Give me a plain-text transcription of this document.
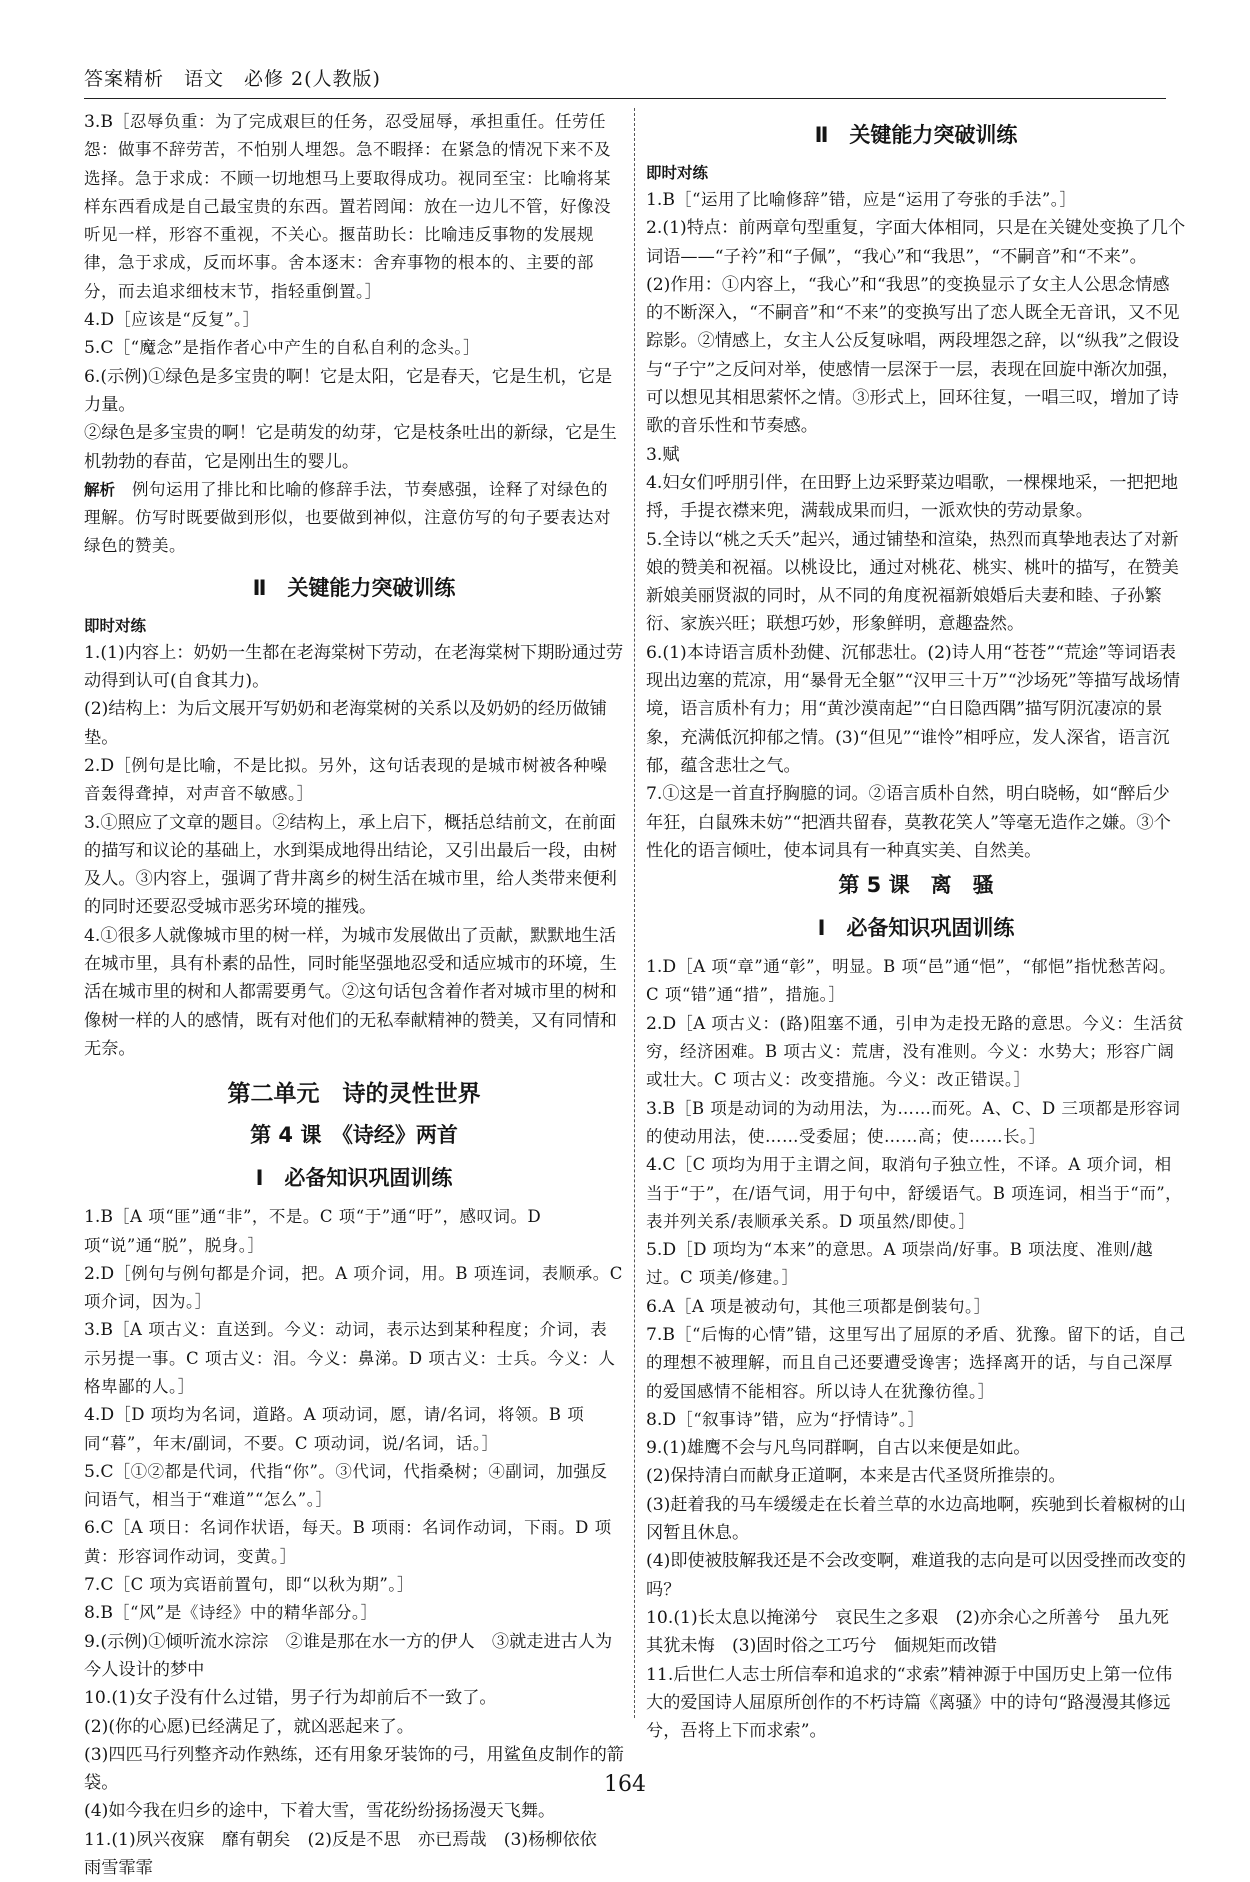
答案精析　语文　必修 2(人教版)

3.B［忍辱负重：为了完成艰巨的任务，忍受屈辱，承担重任。任劳任怨：做事不辞劳苦，不怕别人埋怨。急不暇择：在紧急的情况下来不及选择。急于求成：不顾一切地想马上要取得成功。视同至宝：比喻将某样东西看成是自己最宝贵的东西。置若罔闻：放在一边儿不管，好像没听见一样，形容不重视，不关心。揠苗助长：比喻违反事物的发展规律，急于求成，反而坏事。舍本逐末：舍弃事物的根本的、主要的部分，而去追求细枝末节，指轻重倒置。］

4.D［应该是“反复”。］

5.C［“魔念”是指作者心中产生的自私自利的念头。］

6.(示例)①绿色是多宝贵的啊！它是太阳，它是春天，它是生机，它是力量。

②绿色是多宝贵的啊！它是萌发的幼芽，它是枝条吐出的新绿，它是生机勃勃的春苗，它是刚出生的婴儿。

解析　例句运用了排比和比喻的修辞手法，节奏感强，诠释了对绿色的理解。仿写时既要做到形似，也要做到神似，注意仿写的句子要表达对绿色的赞美。

Ⅱ　关键能力突破训练

即时对练

1.(1)内容上：奶奶一生都在老海棠树下劳动，在老海棠树下期盼通过劳动得到认可(自食其力)。

(2)结构上：为后文展开写奶奶和老海棠树的关系以及奶奶的经历做铺垫。

2.D［例句是比喻，不是比拟。另外，这句话表现的是城市树被各种噪音轰得聋掉，对声音不敏感。］

3.①照应了文章的题目。②结构上，承上启下，概括总结前文，在前面的描写和议论的基础上，水到渠成地得出结论，又引出最后一段，由树及人。③内容上，强调了背井离乡的树生活在城市里，给人类带来便利的同时还要忍受城市恶劣环境的摧残。

4.①很多人就像城市里的树一样，为城市发展做出了贡献，默默地生活在城市里，具有朴素的品性，同时能坚强地忍受和适应城市的环境，生活在城市里的树和人都需要勇气。②这句话包含着作者对城市里的树和像树一样的人的感情，既有对他们的无私奉献精神的赞美，又有同情和无奈。

第二单元　诗的灵性世界
第 4 课　《诗经》两首
Ⅰ　必备知识巩固训练

1.B［A 项“匪”通“非”，不是。C 项“于”通“吁”，感叹词。D 项“说”通“脱”，脱身。］

2.D［例句与例句都是介词，把。A 项介词，用。B 项连词，表顺承。C 项介词，因为。］

3.B［A 项古义：直送到。今义：动词，表示达到某种程度；介词，表示另提一事。C 项古义：泪。今义：鼻涕。D 项古义：士兵。今义：人格卑鄙的人。］

4.D［D 项均为名词，道路。A 项动词，愿，请/名词，将领。B 项同“暮”，年末/副词，不要。C 项动词，说/名词，话。］

5.C［①②都是代词，代指“你”。③代词，代指桑树；④副词，加强反问语气，相当于“难道”“怎么”。］

6.C［A 项日：名词作状语，每天。B 项雨：名词作动词，下雨。D 项黄：形容词作动词，变黄。］

7.C［C 项为宾语前置句，即“以秋为期”。］

8.B［“风”是《诗经》中的精华部分。］

9.(示例)①倾听流水淙淙　②谁是那在水一方的伊人　③就走进古人为今人设计的梦中

10.(1)女子没有什么过错，男子行为却前后不一致了。

(2)(你的心愿)已经满足了，就凶恶起来了。

(3)四匹马行列整齐动作熟练，还有用象牙装饰的弓，用鲨鱼皮制作的箭袋。

(4)如今我在归乡的途中，下着大雪，雪花纷纷扬扬漫天飞舞。

11.(1)夙兴夜寐　靡有朝矣　(2)反是不思　亦已焉哉　(3)杨柳依依　雨雪霏霏

Ⅱ　关键能力突破训练

即时对练

1.B［“运用了比喻修辞”错，应是“运用了夸张的手法”。］

2.(1)特点：前两章句型重复，字面大体相同，只是在关键处变换了几个词语——“子衿”和“子佩”，“我心”和“我思”，“不嗣音”和“不来”。

(2)作用：①内容上，“我心”和“我思”的变换显示了女主人公思念情感的不断深入，“不嗣音”和“不来”的变换写出了恋人既全无音讯，又不见踪影。②情感上，女主人公反复咏唱，两段埋怨之辞，以“纵我”之假设与“子宁”之反问对举，使感情一层深于一层，表现在回旋中渐次加强，可以想见其相思萦怀之情。③形式上，回环往复，一唱三叹，增加了诗歌的音乐性和节奏感。

3.赋

4.妇女们呼朋引伴，在田野上边采野菜边唱歌，一棵棵地采，一把把地捋，手提衣襟来兜，满载成果而归，一派欢快的劳动景象。

5.全诗以“桃之夭夭”起兴，通过铺垫和渲染，热烈而真挚地表达了对新娘的赞美和祝福。以桃设比，通过对桃花、桃实、桃叶的描写，在赞美新娘美丽贤淑的同时，从不同的角度祝福新娘婚后夫妻和睦、子孙繁衍、家族兴旺；联想巧妙，形象鲜明，意趣盎然。

6.(1)本诗语言质朴劲健、沉郁悲壮。(2)诗人用“苍苍”“荒途”等词语表现出边塞的荒凉，用“暴骨无全躯”“汉甲三十万”“沙场死”等描写战场情境，语言质朴有力；用“黄沙漠南起”“白日隐西隅”描写阴沉凄凉的景象，充满低沉抑郁之情。(3)“但见”“谁怜”相呼应，发人深省，语言沉郁，蕴含悲壮之气。

7.①这是一首直抒胸臆的词。②语言质朴自然，明白晓畅，如“醉后少年狂，白鼠殊未妨”“把酒共留春，莫教花笑人”等毫无造作之嫌。③个性化的语言倾吐，使本词具有一种真实美、自然美。

第 5 课　离　骚
Ⅰ　必备知识巩固训练

1.D［A 项“章”通“彰”，明显。B 项“邑”通“悒”，“郁悒”指忧愁苦闷。C 项“错”通“措”，措施。］

2.D［A 项古义：(路)阻塞不通，引申为走投无路的意思。今义：生活贫穷，经济困难。B 项古义：荒唐，没有准则。今义：水势大；形容广阔或壮大。C 项古义：改变措施。今义：改正错误。］

3.B［B 项是动词的为动用法，为……而死。A、C、D 三项都是形容词的使动用法，使……受委屈；使……高；使……长。］

4.C［C 项均为用于主谓之间，取消句子独立性，不译。A 项介词，相当于“于”，在/语气词，用于句中，舒缓语气。B 项连词，相当于“而”，表并列关系/表顺承关系。D 项虽然/即使。］

5.D［D 项均为“本来”的意思。A 项崇尚/好事。B 项法度、准则/越过。C 项美/修建。］

6.A［A 项是被动句，其他三项都是倒装句。］

7.B［“后悔的心情”错，这里写出了屈原的矛盾、犹豫。留下的话，自己的理想不被理解，而且自己还要遭受谗害；选择离开的话，与自己深厚的爱国感情不能相容。所以诗人在犹豫彷徨。］

8.D［“叙事诗”错，应为“抒情诗”。］

9.(1)雄鹰不会与凡鸟同群啊，自古以来便是如此。

(2)保持清白而献身正道啊，本来是古代圣贤所推崇的。

(3)赶着我的马车缓缓走在长着兰草的水边高地啊，疾驰到长着椒树的山冈暂且休息。

(4)即使被肢解我还是不会改变啊，难道我的志向是可以因受挫而改变的吗？

10.(1)长太息以掩涕兮　哀民生之多艰　(2)亦余心之所善兮　虽九死其犹未悔　(3)固时俗之工巧兮　偭规矩而改错

11.后世仁人志士所信奉和追求的“求索”精神源于中国历史上第一位伟大的爱国诗人屈原所创作的不朽诗篇《离骚》中的诗句“路漫漫其修远兮，吾将上下而求索”。

164
